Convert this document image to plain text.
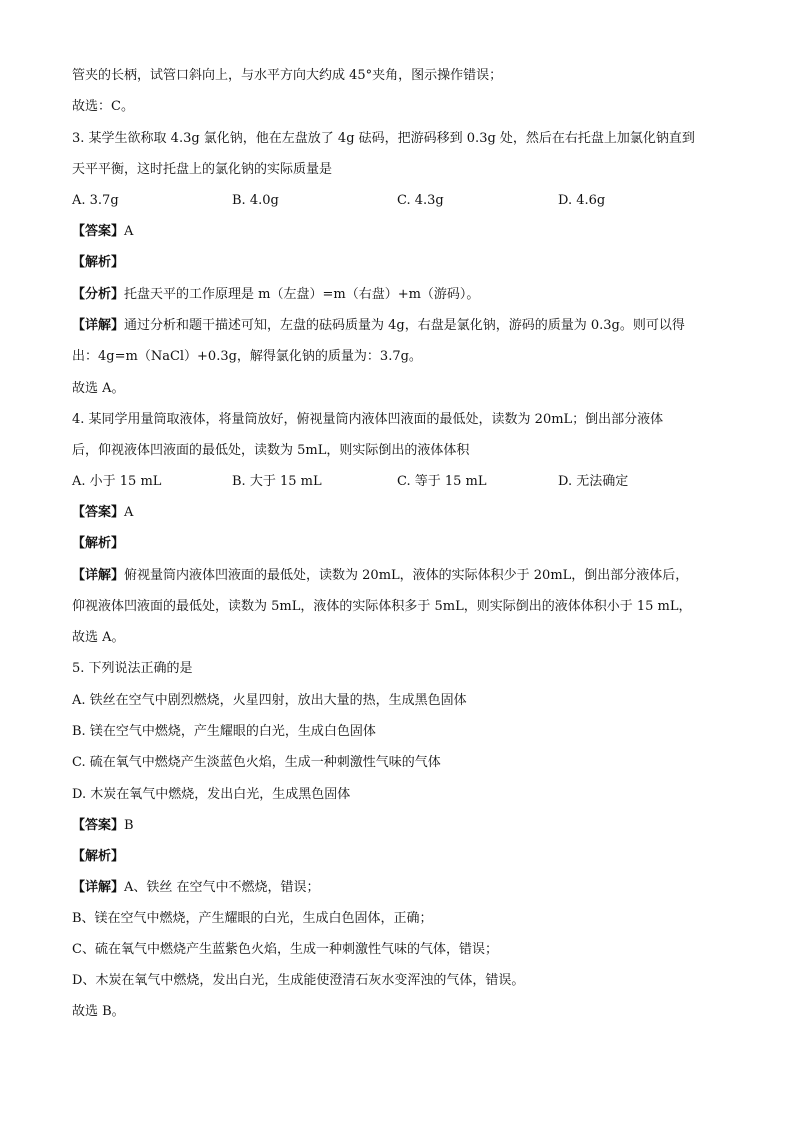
管夹的长柄，试管口斜向上，与水平方向大约成 45°夹角，图示操作错误；
故选：C。
3. 某学生欲称取 4.3g 氯化钠，他在左盘放了 4g 砝码，把游码移到 0.3g 处，然后在右托盘上加氯化钠直到
天平平衡，这时托盘上的氯化钠的实际质量是
A. 3.7g	B. 4.0g	C. 4.3g	D. 4.6g
【答案】A
【解析】
【分析】托盘天平的工作原理是 m（左盘）=m（右盘）+m（游码）。
【详解】通过分析和题干描述可知，左盘的砝码质量为 4g，右盘是氯化钠，游码的质量为 0.3g。则可以得
出：4g=m（NaCl）+0.3g，解得氯化钠的质量为：3.7g。
故选 A。
4. 某同学用量筒取液体，将量筒放好，俯视量筒内液体凹液面的最低处，读数为 20mL；倒出部分液体
后，仰视液体凹液面的最低处，读数为 5mL，则实际倒出的液体体积
A. 小于 15 mL	B. 大于 15 mL	C. 等于 15 mL	D. 无法确定
【答案】A
【解析】
【详解】俯视量筒内液体凹液面的最低处，读数为 20mL，液体的实际体积少于 20mL，倒出部分液体后，
仰视液体凹液面的最低处，读数为 5mL，液体的实际体积多于 5mL，则实际倒出的液体体积小于 15 mL，
故选 A。
5. 下列说法正确的是
A. 铁丝在空气中剧烈燃烧，火星四射，放出大量的热，生成黑色固体
B. 镁在空气中燃烧，产生耀眼的白光，生成白色固体
C. 硫在氧气中燃烧产生淡蓝色火焰，生成一种刺激性气味的气体
D. 木炭在氧气中燃烧，发出白光，生成黑色固体
【答案】B
【解析】
【详解】A、铁丝 在空气中不燃烧，错误；
B、镁在空气中燃烧，产生耀眼的白光，生成白色固体，正确；
C、硫在氧气中燃烧产生蓝紫色火焰，生成一种刺激性气味的气体，错误；
D、木炭在氧气中燃烧，发出白光，生成能使澄清石灰水变浑浊的气体，错误。
故选 B。
